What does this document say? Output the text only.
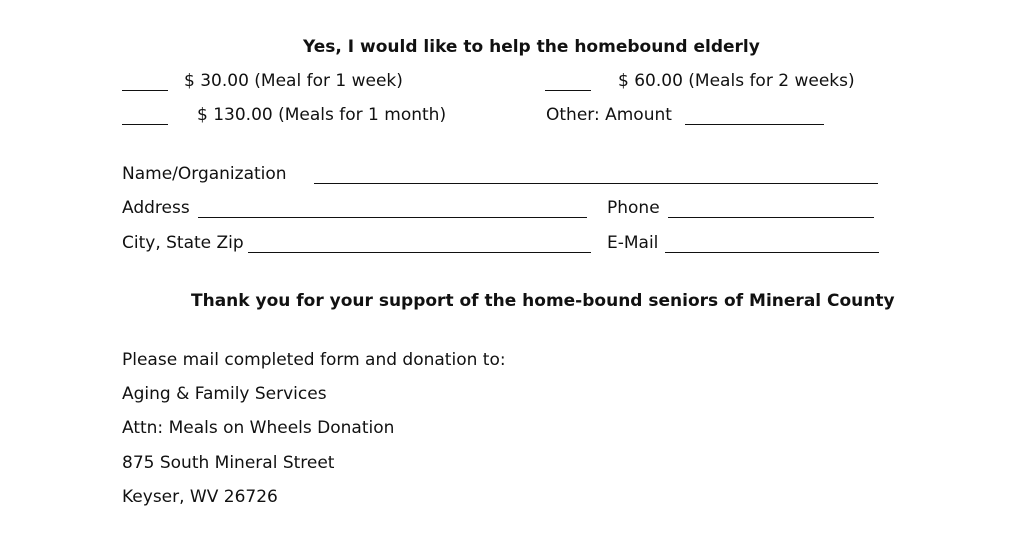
Yes, I would like to help the homebound elderly
$ 30.00 (Meal for 1 week)	$ 60.00 (Meals for 2 weeks)
$ 130.00 (Meals for 1 month)	Other: Amount
Name/Organization
Address	Phone
City, State Zip	E-Mail
Thank you for your support of the home-bound seniors of Mineral County
Please mail completed form and donation to:
Aging & Family Services
Attn: Meals on Wheels Donation
875 South Mineral Street
Keyser, WV 26726
